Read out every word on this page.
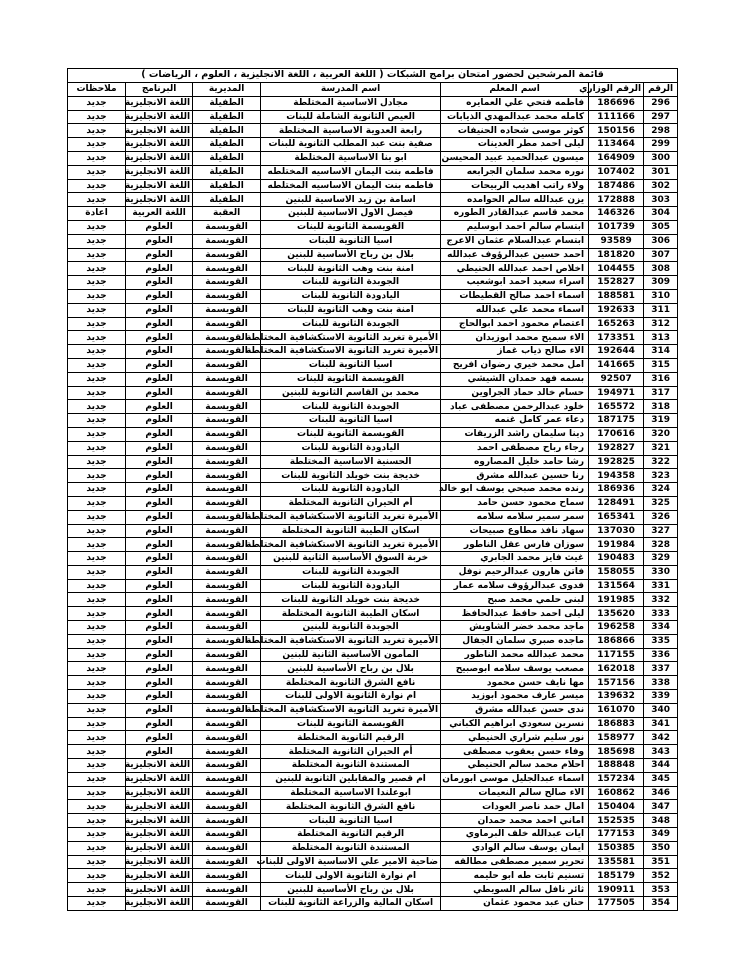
قائمة المرشحين لحضور امتحان برامج الشبكات ( اللغة العربية ، اللغة الانجليزية ، العلوم ، الرياضات )						
الرقم	الرقم الوزاري	اسم المعلم	اسم المدرسة	المديرية	البرنامج	ملاحظات
296	186696	فاطمه فتحي علي العمايره	مجادل الاساسية المختلطة	الطفيلة	اللغة الانجليزية	جديد
297	111166	كامله محمد عبدالمهدي الذيابات	العيص الثانوية الشاملة للبنات	الطفيلة	اللغة الانجليزية	جديد
298	150156	كوثر موسى شحاده الحنيفات	رابعة العدوية الاساسية المختلطة	الطفيلة	اللغة الانجليزية	جديد
299	113464	ليلى احمد مطر العدينات	صفية بنت عبد المطلب الثانوية للبنات	الطفيلة	اللغة الانجليزية	جديد
300	164909	ميسون عبدالحميد عبيد المحيسن	ابو بنا الاساسية المختلطة	الطفيلة	اللغة الانجليزية	جديد
301	107402	نوره محمد سلمان الجرابعه	فاطمه بنت اليمان الاساسيه المختلطه	الطفيلة	اللغة الانجليزية	جديد
302	187486	ولاء راتب اهديب الربيحات	فاطمه بنت اليمان الاساسيه المختلطه	الطفيلة	اللغة الانجليزية	جديد
303	172888	يزن عبدالله سالم الحوامده	اسامة بن زيد الاساسية للبنين	الطفيلة	اللغة الانجليزية	جديد
304	146326	محمد قاسم عبدالقادر الطوره	فيصل الاول الاساسية للبنين	العقبة	اللغة العربية	اعادة
305	101739	ابتسام سالم احمد ابوسليم	القويسمة الثانوية للبنات	القويسمة	العلوم	جديد
306	93589	ابتسام عبدالسلام عثمان الاعرج	اسيا الثانوية للبنات	القويسمة	العلوم	جديد
307	181820	احمد حسين عبدالرؤوف عبدالله	بلال بن رباح الأساسية للبنين	القويسمة	العلوم	جديد
308	104455	اخلاص احمد عبدالله الحنيطي	امنة بنت وهب الثانوية للبنات	القويسمة	العلوم	جديد
309	152827	اسراء سعيد احمد ابوشعيب	الجوبدة الثانوية للبنات	القويسمة	العلوم	جديد
310	188581	اسماء احمد صالح القطيطات	اليادودة الثانوية للبنات	القويسمة	العلوم	جديد
311	192633	اسماء محمد علي عبدالله	امنة بنت وهب الثانوية للبنات	القويسمة	العلوم	جديد
312	165263	اعتصام محمود احمد ابوالحاج	الجوبدة الثانوية للبنات	القويسمة	العلوم	جديد
313	173351	الاء سميح محمد ابوزيدان	الأميرة تغريد الثانوية الاستكشافية المختلطة	القويسمة	العلوم	جديد
314	192644	الاء صالح ذياب غماز	الأميرة تغريد الثانوية الاستكشافية المختلطة	القويسمة	العلوم	جديد
315	141665	امل محمد خيري رضوان افريح	اسيا الثانوية للبنات	القويسمة	العلوم	جديد
316	92507	بسمه فهد حمدان الشيشي	القويسمة الثانوية للبنات	القويسمة	العلوم	جديد
317	194971	حسام خالد حماد الجراوين	محمد بن القاسم الثانوية للبنين	القويسمة	العلوم	جديد
318	165572	خلود عبدالرحمن مصطفى عباد	الجوبدة الثانوية للبنات	القويسمة	العلوم	جديد
319	187175	دعاء عمر كامل غنمه	اسيا الثانوية للبنات	القويسمة	العلوم	جديد
320	170616	دينا سليمان راشد الزريقات	القويسمة الثانوية للبنات	القويسمة	العلوم	جديد
321	192827	رجاء رباح مصطفى احمد	اليادودة الثانوية للبنات	القويسمة	العلوم	جديد
322	192825	رشا حامد خليل المصاروه	الحسنية الاساسية المختلطة	القويسمة	العلوم	جديد
323	194358	رنا حسين عبدالله مشرق	خديجة بنت خويلد الثانوية للبنات	القويسمة	العلوم	جديد
324	186936	رنده محمد صبحي يوسف ابو خالد	اليادودة الثانوية للبنات	القويسمة	العلوم	جديد
325	128491	سماح محمود حسن حامد	أم الحيران الثانوية المختلطة	القويسمة	العلوم	جديد
326	165341	سمر سمير سلامه سلامه	الأميرة تغريد الثانوية الاستكشافية المختلطة	القويسمة	العلوم	جديد
327	137030	سهاد نافذ مطاوع صبيحات	اسكان الطيبة الثانوية المختلطة	القويسمة	العلوم	جديد
328	191984	سوزان فارس عقل الناطور	الأميرة تغريد الثانوية الاستكشافية المختلطة	القويسمة	العلوم	جديد
329	190483	غيث فايز محمد الجابري	خربة السوق الأساسية الثانية للبنين	القويسمة	العلوم	جديد
330	158055	فاتن هارون عبدالرحيم نوفل	الجوبدة الثانوية للبنات	القويسمة	العلوم	جديد
331	131564	فدوى عبدالرؤوف سلامه عمار	اليادودة الثانوية للبنات	القويسمة	العلوم	جديد
332	191985	لبنى حلمي محمد صبح	خديجة بنت خويلد الثانوية للبنات	القويسمة	العلوم	جديد
333	135620	ليلى احمد حافظ عبدالحافظ	اسكان الطيبة الثانوية المختلطة	القويسمة	العلوم	جديد
334	196258	ماجد محمد خضر الشاويش	الجوبدة الثانوية للبنين	القويسمة	العلوم	جديد
335	186866	ماجده صبري سلمان الجفال	الأميرة تغريد الثانوية الاستكشافية المختلطة	القويسمة	العلوم	جديد
336	117155	محمد عبدالله محمد الناطور	المأمون الأساسية الثانية للبنين	القويسمة	العلوم	جديد
337	162018	مصعب يوسف سلامه ابوصبيح	بلال بن رباح الأساسية للبنين	القويسمة	العلوم	جديد
338	157156	مها نايف حسن محمود	نافع الشرق الثانوية المختلطة	القويسمة	العلوم	جديد
339	139632	ميسر عارف محمود ابوزيد	ام نوارة الثانوية الاولى للبنات	القويسمة	العلوم	جديد
340	161070	ندى حسن عبدالله مشرق	الأميرة تغريد الثانوية الاستكشافية المختلطة	القويسمة	العلوم	جديد
341	186883	نسرين سعودي ابراهيم الكباني	القويسمة الثانوية للبنات	القويسمة	العلوم	جديد
342	158977	نور سليم شراري الحنيطي	الرقيم الثانوية المختلطة	القويسمة	العلوم	جديد
343	185698	وفاء حسن يعقوب مصطفى	أم الحيران الثانوية المختلطة	القويسمة	العلوم	جديد
344	188848	احلام محمد سالم الحنيطي	المستندة الثانوية المختلطة	القويسمة	اللغة الانجليزية	جديد
345	157234	اسماء عبدالجليل موسى ابورمان	ام قصير والمقابلين الثانوية للبنين	القويسمة	اللغة الانجليزية	جديد
346	160862	الاء صالح سالم النعيمات	ابوعلندا الاساسية المختلطة	القويسمة	اللغة الانجليزية	جديد
347	150404	امال حمد ناصر العودات	نافع الشرق الثانوية المختلطة	القويسمة	اللغة الانجليزية	جديد
348	152535	اماني احمد محمد حمدان	اسيا الثانوية للبنات	القويسمة	اللغة الانجليزية	جديد
349	177153	ايات عبدالله خلف البرماوي	الرقيم الثانوية المختلطة	القويسمة	اللغة الانجليزية	جديد
350	150385	ايمان يوسف سالم الوادي	المستندة الثانوية المختلطة	القويسمة	اللغة الانجليزية	جديد
351	135581	تحرير سمير مصطفى مطالقه	ضاحية الامير علي الاساسية الاولى للبنات	القويسمة	اللغة الانجليزية	جديد
352	185179	تسنيم ثابت طه ابو حليمه	ام نوارة الثانوية الاولى للبنات	القويسمة	اللغة الانجليزية	جديد
353	190911	ثائر نافل سالم السويطي	بلال بن رباح الأساسية للبنين	القويسمة	اللغة الانجليزية	جديد
354	177505	حنان عبد محمود عثمان	اسكان المالية والزراعة الثانوية للبنات	القويسمة	اللغة الانجليزية	جديد
